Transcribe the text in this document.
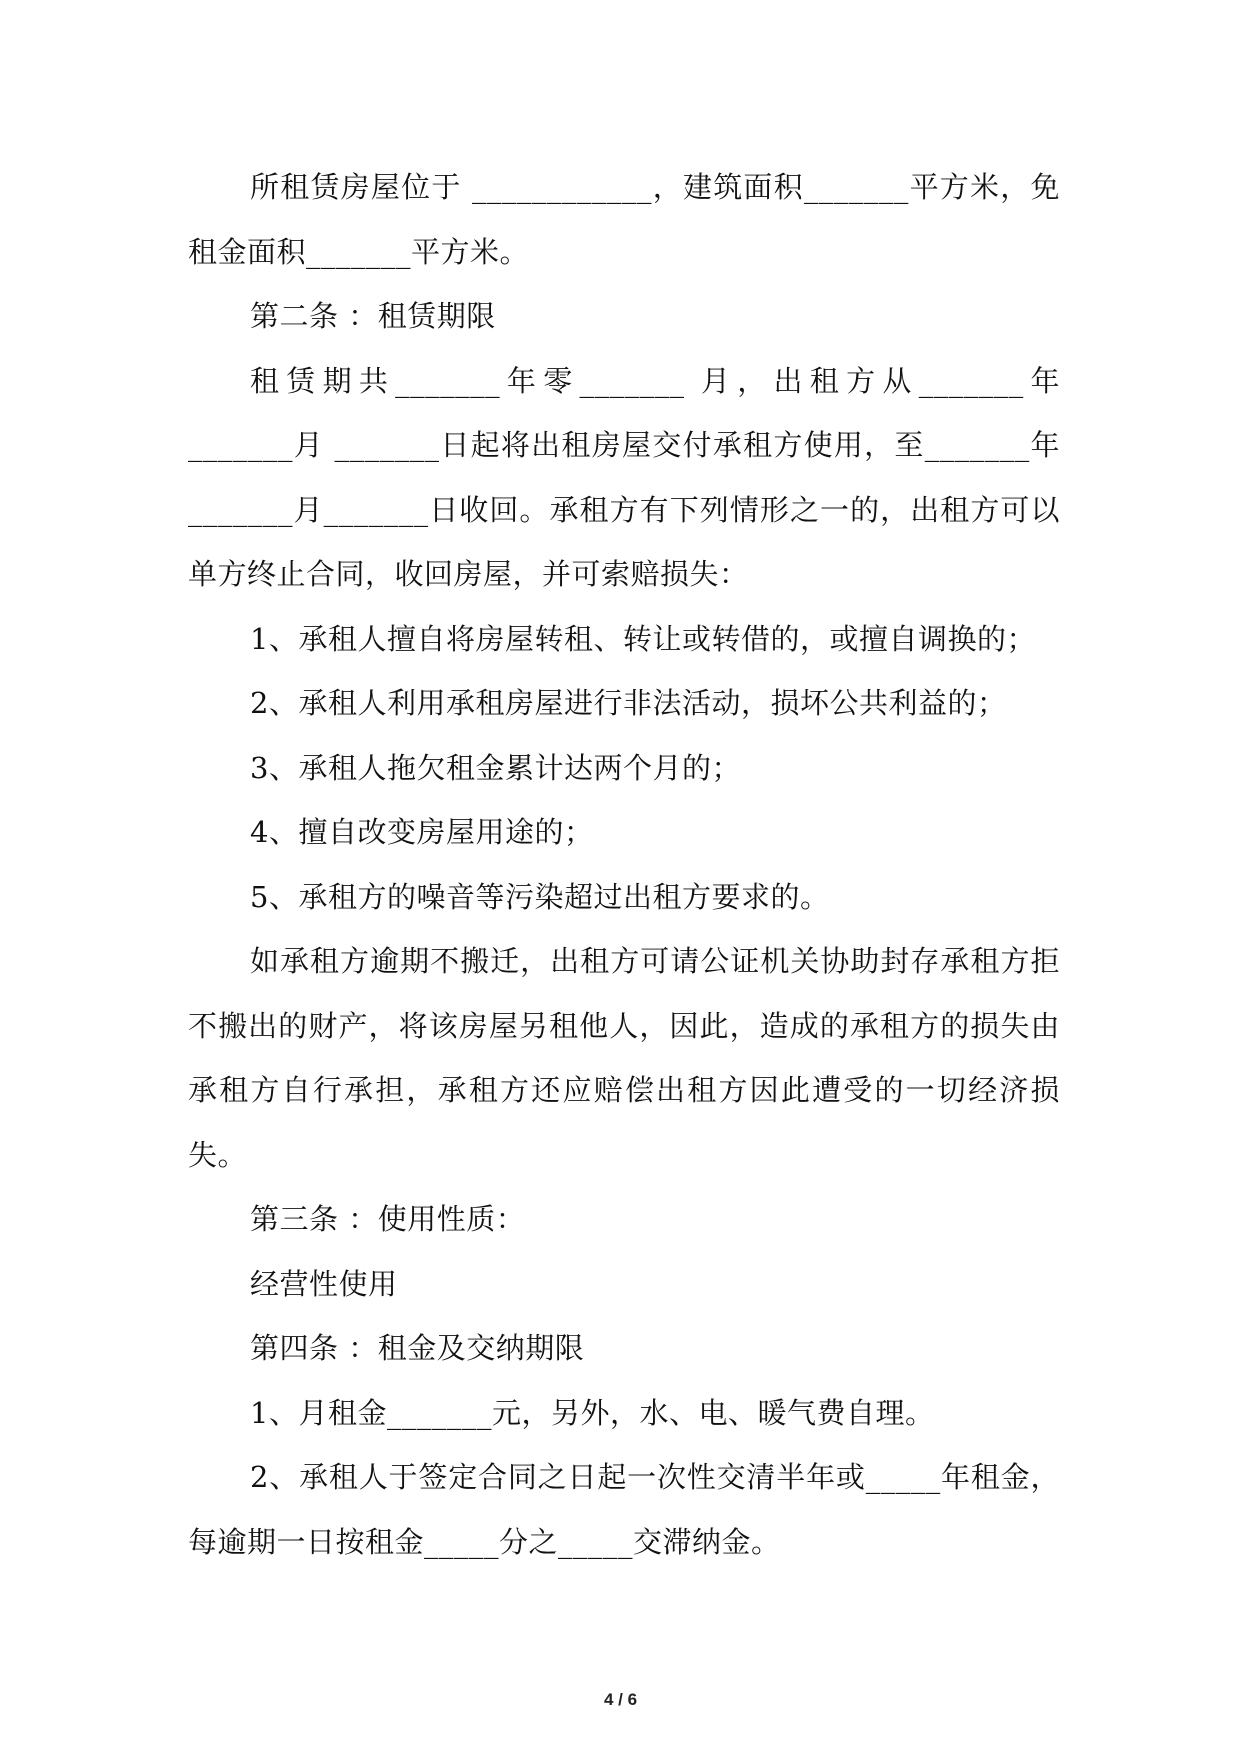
所租赁房屋位于 ____________，建筑面积_______平方米，免租金面积_______平方米。

第二条 ：租赁期限

租赁期共_______年零_______ 月，出租方从_______年_______月 _______日起将出租房屋交付承租方使用，至_______年_______月_______日收回。承租方有下列情形之一的，出租方可以单方终止合同，收回房屋，并可索赔损失：

1、承租人擅自将房屋转租、转让或转借的，或擅自调换的；

2、承租人利用承租房屋进行非法活动，损坏公共利益的；

3、承租人拖欠租金累计达两个月的；

4、擅自改变房屋用途的；

5、承租方的噪音等污染超过出租方要求的。

如承租方逾期不搬迁，出租方可请公证机关协助封存承租方拒不搬出的财产，将该房屋另租他人，因此，造成的承租方的损失由承租方自行承担，承租方还应赔偿出租方因此遭受的一切经济损失。

第三条 ：使用性质：

经营性使用

第四条 ：租金及交纳期限

1、月租金_______元，另外，水、电、暖气费自理。

2、承租人于签定合同之日起一次性交清半年或_____年租金，每逾期一日按租金_____分之_____交滞纳金。

4 / 6
